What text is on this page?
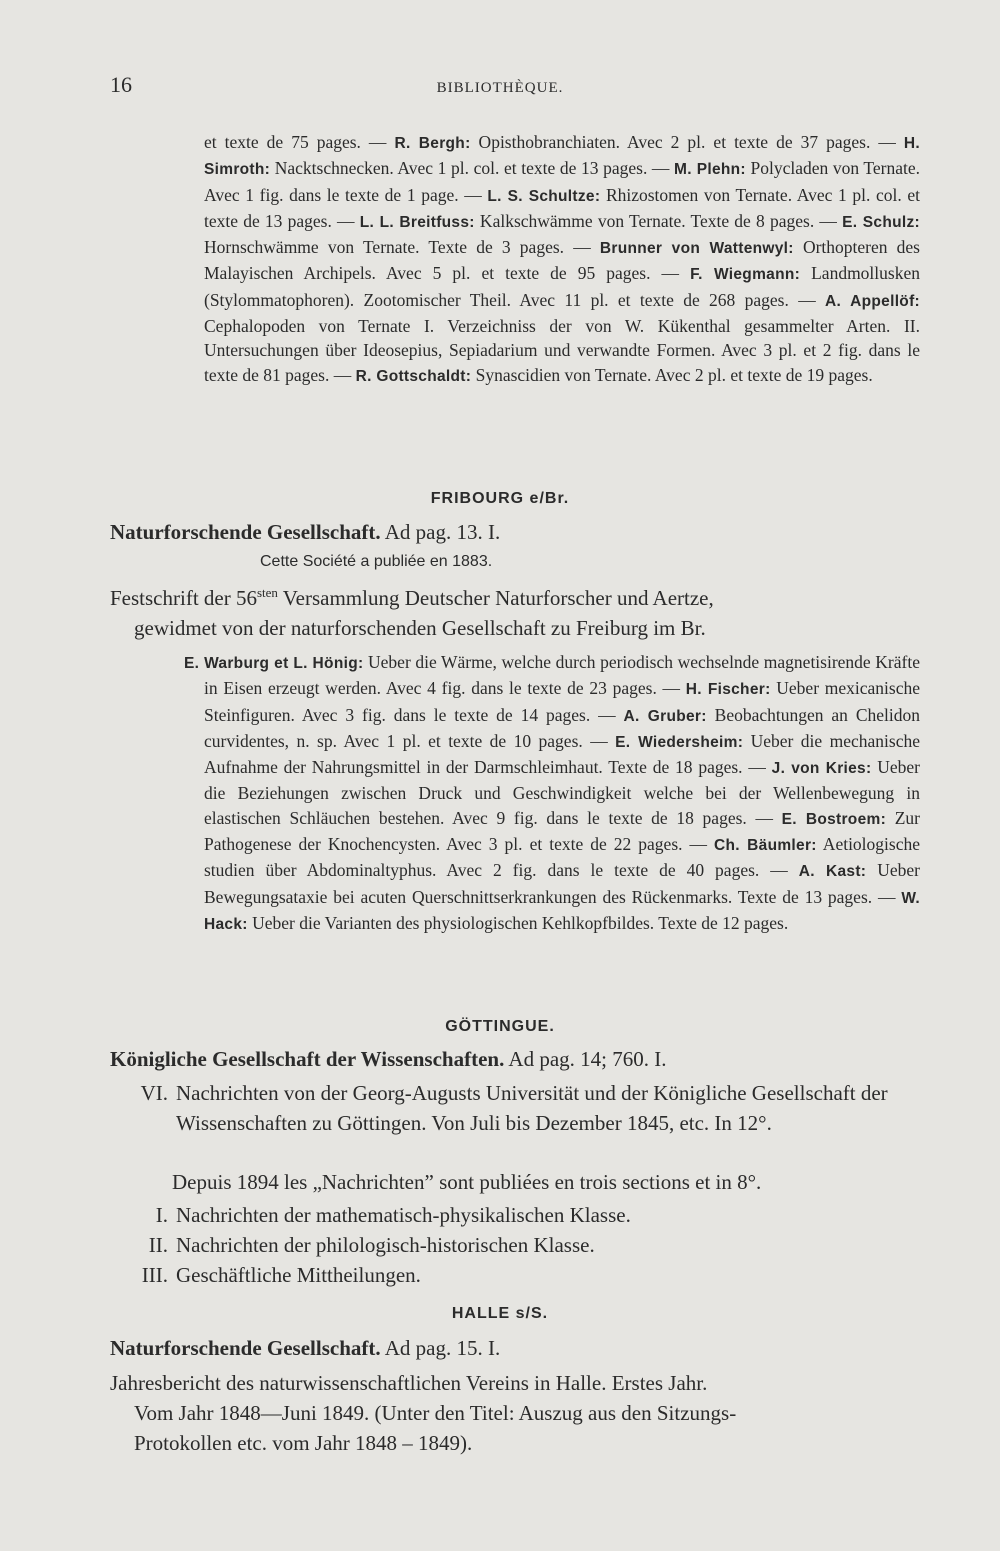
16	BIBLIOTHÈQUE.
et texte de 75 pages. — R. Bergh: Opisthobranchiaten. Avec 2 pl. et texte de 37 pages. — H. Simroth: Nacktschnecken. Avec 1 pl. col. et texte de 13 pages. — M. Plehn: Polycladen von Ternate. Avec 1 fig. dans le texte de 1 page. — L. S. Schultze: Rhizostomen von Ternate. Avec 1 pl. col. et texte de 13 pages. — L. L. Breitfuss: Kalkschwämme von Ternate. Texte de 8 pages. — E. Schulz: Hornschwämme von Ternate. Texte de 3 pages. — Brunner von Wattenwyl: Orthopteren des Malayischen Archipels. Avec 5 pl. et texte de 95 pages. — F. Wiegmann: Landmollusken (Stylommatophoren). Zootomischer Theil. Avec 11 pl. et texte de 268 pages. — A. Appellöf: Cephalopoden von Ternate I. Verzeichniss der von W. Kükenthal gesammelter Arten. II. Untersuchungen über Ideosepius, Sepiadarium und verwandte Formen. Avec 3 pl. et 2 fig. dans le texte de 81 pages. — R. Gottschaldt: Synascidien von Ternate. Avec 2 pl. et texte de 19 pages.
FRIBOURG e/Br.
Naturforschende Gesellschaft. Ad pag. 13. I.
Cette Société a publiée en 1883.
Festschrift der $56^{sten}$ Versammlung Deutscher Naturforscher und Aertze,
gewidmet von der naturforschenden Gesellschaft zu Freiburg im Br.
E. Warburg et L. Hönig: Ueber die Wärme, welche durch periodisch wechselnde magnetisirende Kräfte in Eisen erzeugt werden. Avec 4 fig. dans le texte de 23 pages. — H. Fischer: Ueber mexicanische Steinfiguren. Avec 3 fig. dans le texte de 14 pages. — A. Gruber: Beobachtungen an Chelidon curvidentes, n. sp. Avec 1 pl. et texte de 10 pages. — E. Wiedersheim: Ueber die mechanische Aufnahme der Nahrungsmittel in der Darmschleimhaut. Texte de 18 pages. — J. von Kries: Ueber die Beziehungen zwischen Druck und Geschwindigkeit welche bei der Wellenbewegung in elastischen Schläuchen bestehen. Avec 9 fig. dans le texte de 18 pages. — E. Bostroem: Zur Pathogenese der Knochencysten. Avec 3 pl. et texte de 22 pages. — Ch. Bäumler: Aetiologische studien über Abdominaltyphus. Avec 2 fig. dans le texte de 40 pages. — A. Kast: Ueber Bewegungsataxie bei acuten Querschnittserkrankungen des Rückenmarks. Texte de 13 pages. — W. Hack: Ueber die Varianten des physiologischen Kehlkopfbildes. Texte de 12 pages.
GÖTTINGUE.
Königliche Gesellschaft der Wissenschaften. Ad pag. 14; 760. I.
VI. Nachrichten von der Georg-Augusts Universität und der Königliche Gesellschaft der Wissenschaften zu Göttingen. Von Juli bis Dezember 1845, etc. In 12°.
Depuis 1894 les „Nachrichten” sont publiées en trois sections et in 8°.
I. Nachrichten der mathematisch-physikalischen Klasse.
II. Nachrichten der philologisch-historischen Klasse.
III. Geschäftliche Mittheilungen.
HALLE s/S.
Naturforschende Gesellschaft. Ad pag. 15. I.
Jahresbericht des naturwissenschaftlichen Vereins in Halle. Erstes Jahr.
Vom Jahr 1848—Juni 1849. (Unter den Titel: Auszug aus den Sitzungs-
Protokollen etc. vom Jahr 1848 – 1849).
